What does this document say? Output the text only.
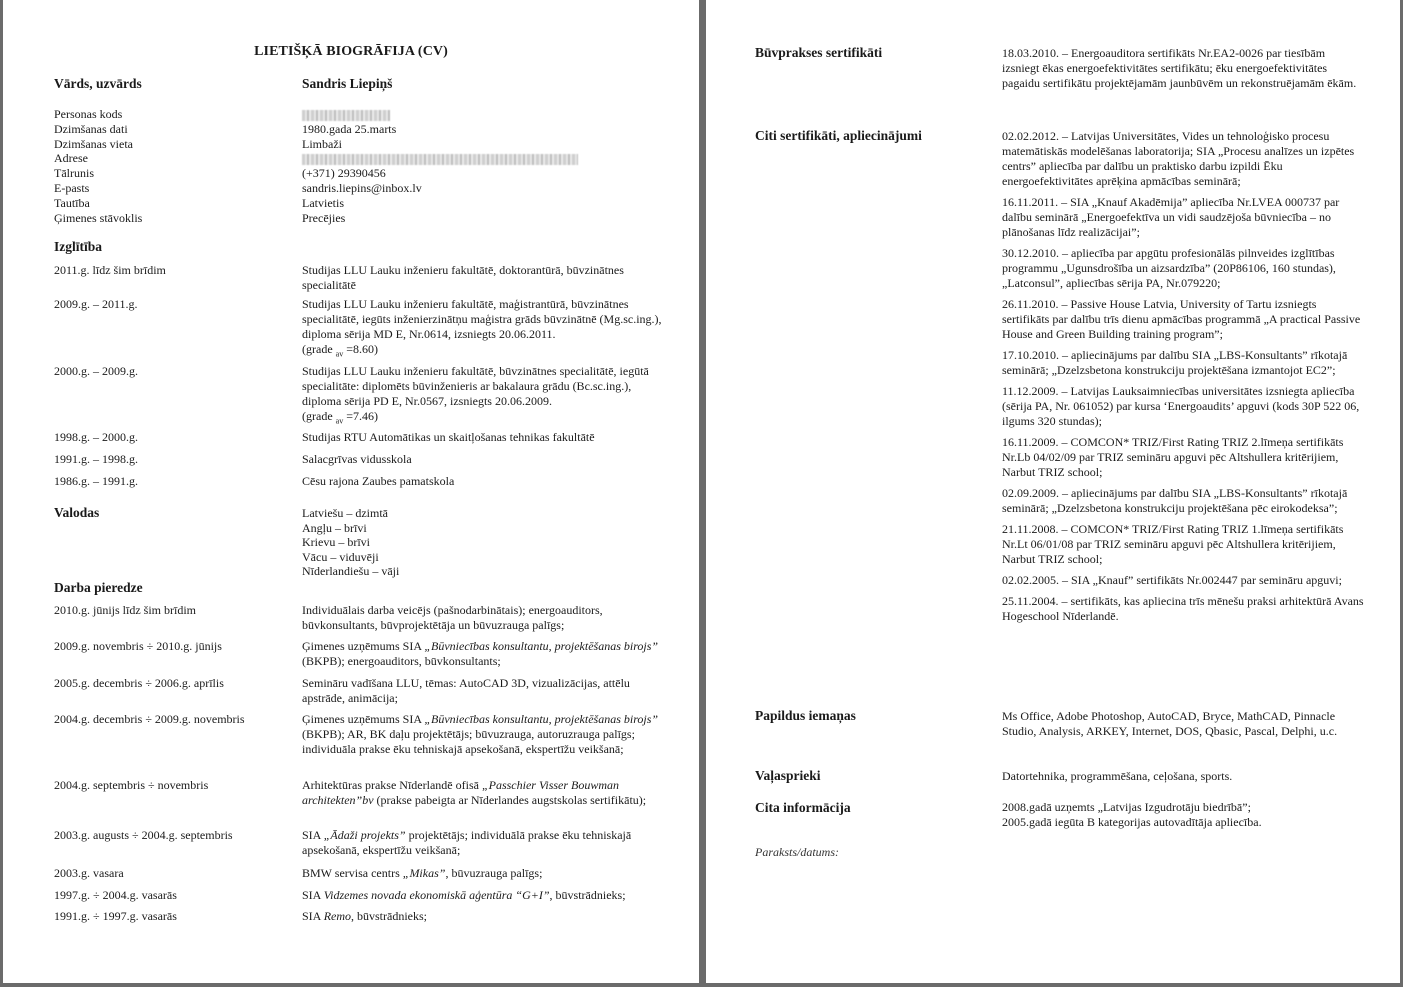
LIETIŠĶĀ BIOGRĀFIJA (CV)
Vārds, uzvārds	Sandris Liepiņš
Izglītība
Valodas	Latviešu – dzimtā
Angļu – brīvi
Krievu – brīvi
Vācu – viduvēji
Nīderlandiešu – vāji
Darba pieredze
Personas kods
Dzimšanas dati	1980.gada 25.marts
Dzimšanas vieta	Limbaži
Adrese
Tālrunis	(+371) 29390456
E-pasts	sandris.liepins@inbox.lv
Tautība	Latvietis
Ģimenes stāvoklis	Precējies
2011.g. līdz šim brīdim	Studijas LLU Lauku inženieru fakultātē, doktorantūrā, būvzinātnes specialitātē
2009.g. – 2011.g.	Studijas LLU Lauku inženieru fakultātē, maģistrantūrā, būvzinātnes specialitātē, iegūts inženierzinātņu maģistra grāds būvzinātnē (Mg.sc.ing.), diploma sērija MD E, Nr.0614, izsniegts 20.06.2011.
(grade $_{av}$ =8.60)
2000.g. – 2009.g.	Studijas LLU Lauku inženieru fakultātē, būvzinātnes specialitātē, iegūtā specialitāte: diplomēts būvinženieris ar bakalaura grādu (Bc.sc.ing.), diploma sērija PD E, Nr.0567, izsniegts 20.06.2009.
(grade $_{av}$ =7.46)
1998.g. – 2000.g.	Studijas RTU Automātikas un skaitļošanas tehnikas fakultātē
1991.g. – 1998.g.	Salacgrīvas vidusskola
1986.g. – 1991.g.	Cēsu rajona Zaubes pamatskola
2010.g. jūnijs līdz šim brīdim	Individuālais darba veicējs (pašnodarbinātais); energoauditors, būvkonsultants, būvprojektētāja un būvuzrauga palīgs;
2009.g. novembris ÷ 2010.g. jūnijs	Ģimenes uzņēmums SIA „Būvniecības konsultantu, projektēšanas birojs” (BKPB); energoauditors, būvkonsultants;
2005.g. decembris ÷ 2006.g. aprīlis	Semināru vadīšana LLU, tēmas: AutoCAD 3D, vizualizācijas, attēlu apstrāde, animācija;
2004.g. decembris ÷ 2009.g. novembris	Ģimenes uzņēmums SIA „Būvniecības konsultantu, projektēšanas birojs” (BKPB); AR, BK daļu projektētājs; būvuzrauga, autoruzrauga palīgs; individuāla prakse ēku tehniskajā apsekošanā, ekspertīžu veikšanā;
2004.g. septembris ÷ novembris	Arhitektūras prakse Nīderlandē ofisā „Passchier Visser Bouwman architekten”bv (prakse pabeigta ar Nīderlandes augstskolas sertifikātu);
2003.g. augusts ÷ 2004.g. septembris	SIA „Ādaži projekts” projektētājs; individuālā prakse ēku tehniskajā apsekošanā, ekspertīžu veikšanā;
2003.g. vasara	BMW servisa centrs „Mikas”, būvuzrauga palīgs;
1997.g. ÷ 2004.g. vasarās	SIA Vidzemes novada ekonomiskā aģentūra “G+I”, būvstrādnieks;
1991.g. ÷ 1997.g. vasarās	SIA Remo, būvstrādnieks;
Būvprakses sertifikāti	18.03.2010. – Energoauditora sertifikāts Nr.EA2-0026 par tiesībām izsniegt ēkas energoefektivitātes sertifikātu; ēku energoefektivitātes pagaidu sertifikātu projektējamām jaunbūvēm un rekonstruējamām ēkām.
Citi sertifikāti, apliecinājumi	02.02.2012. – Latvijas Universitātes, Vides un tehnoloģisko procesu matemātiskās modelēšanas laboratorija; SIA „Procesu analīzes un izpētes centrs” apliecība par dalību un praktisko darbu izpildi Ēku energoefektivitātes aprēķina apmācības seminārā;
16.11.2011. – SIA „Knauf Akadēmija” apliecība Nr.LVEA 000737 par dalību seminārā „Energoefektīva un vidi saudzējoša būvniecība – no plānošanas līdz realizācijai”;
30.12.2010. – apliecība par apgūtu profesionālās pilnveides izglītības programmu „Ugunsdrošība un aizsardzība” (20P86106, 160 stundas), „Latconsul”, apliecības sērija PA, Nr.079220;
26.11.2010. – Passive House Latvia, University of Tartu izsniegts sertifikāts par dalību trīs dienu apmācības programmā „A practical Passive House and Green Building training program”;
17.10.2010. – apliecinājums par dalību SIA „LBS-Konsultants” rīkotajā seminārā; „Dzelzsbetona konstrukciju projektēšana izmantojot EC2”;
11.12.2009. – Latvijas Lauksaimniecības universitātes izsniegta apliecība (sērija PA, Nr. 061052) par kursa ‘Energoaudits’ apguvi (kods 30P 522 06, ilgums 320 stundas);
16.11.2009. – COMCON* TRIZ/First Rating TRIZ 2.līmeņa sertifikāts Nr.Lb 04/02/09 par TRIZ semināru apguvi pēc Altshullera kritērijiem, Narbut TRIZ school;
02.09.2009. – apliecinājums par dalību SIA „LBS-Konsultants” rīkotajā seminārā; „Dzelzsbetona konstrukciju projektēšana pēc eirokodeksa”;
21.11.2008. – COMCON* TRIZ/First Rating TRIZ 1.līmeņa sertifikāts Nr.Lt 06/01/08 par TRIZ semināru apguvi pēc Altshullera kritērijiem, Narbut TRIZ school;
02.02.2005. – SIA „Knauf” sertifikāts Nr.002447 par semināru apguvi;
25.11.2004. – sertifikāts, kas apliecina trīs mēnešu praksi arhitektūrā Avans Hogeschool Nīderlandē.
Papildus iemaņas	Ms Office, Adobe Photoshop, AutoCAD, Bryce, MathCAD, Pinnacle Studio, Analysis, ARKEY, Internet, DOS, Qbasic, Pascal, Delphi, u.c.
Vaļasprieki	Datortehnika, programmēšana, ceļošana, sports.
Cita informācija	2008.gadā uzņemts „Latvijas Izgudrotāju biedrībā”;
2005.gadā iegūta B kategorijas autovadītāja apliecība.
Paraksts/datums:
